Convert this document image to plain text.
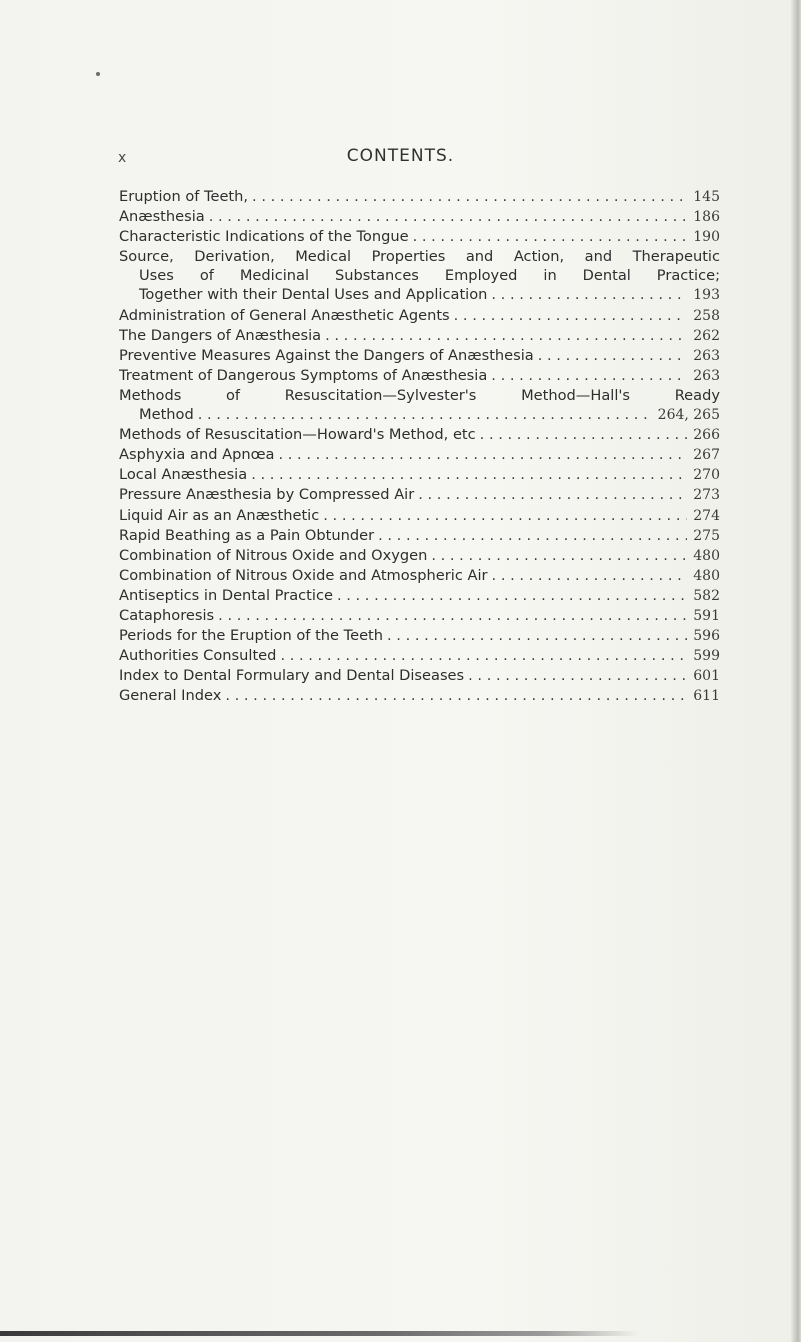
x	CONTENTS.
Eruption of Teeth, . . .	145
Anæsthesia . . .	186
Characteristic Indications of the Tongue . . .	190
Source, Derivation, Medical Properties and Action, and Therapeutic
Uses of Medicinal Substances Employed in Dental Practice;
Together with their Dental Uses and Application . . .	193
Administration of General Anæsthetic Agents . . .	258
The Dangers of Anæsthesia . . .	262
Preventive Measures Against the Dangers of Anæsthesia . . .	263
Treatment of Dangerous Symptoms of Anæsthesia . . .	263
Methods of Resuscitation—Sylvester's Method—Hall's Ready
Method . . .	264, 265
Methods of Resuscitation—Howard's Method, etc . . .	266
Asphyxia and Apnœa . . .	267
Local Anæsthesia . . .	270
Pressure Anæsthesia by Compressed Air . . .	273
Liquid Air as an Anæsthetic . . .	274
Rapid Beathing as a Pain Obtunder . . .	275
Combination of Nitrous Oxide and Oxygen . . .	480
Combination of Nitrous Oxide and Atmospheric Air . . .	480
Antiseptics in Dental Practice . . .	582
Cataphoresis . . .	591
Periods for the Eruption of the Teeth . . .	596
Authorities Consulted . . .	599
Index to Dental Formulary and Dental Diseases . . .	601
General Index . . .	611
